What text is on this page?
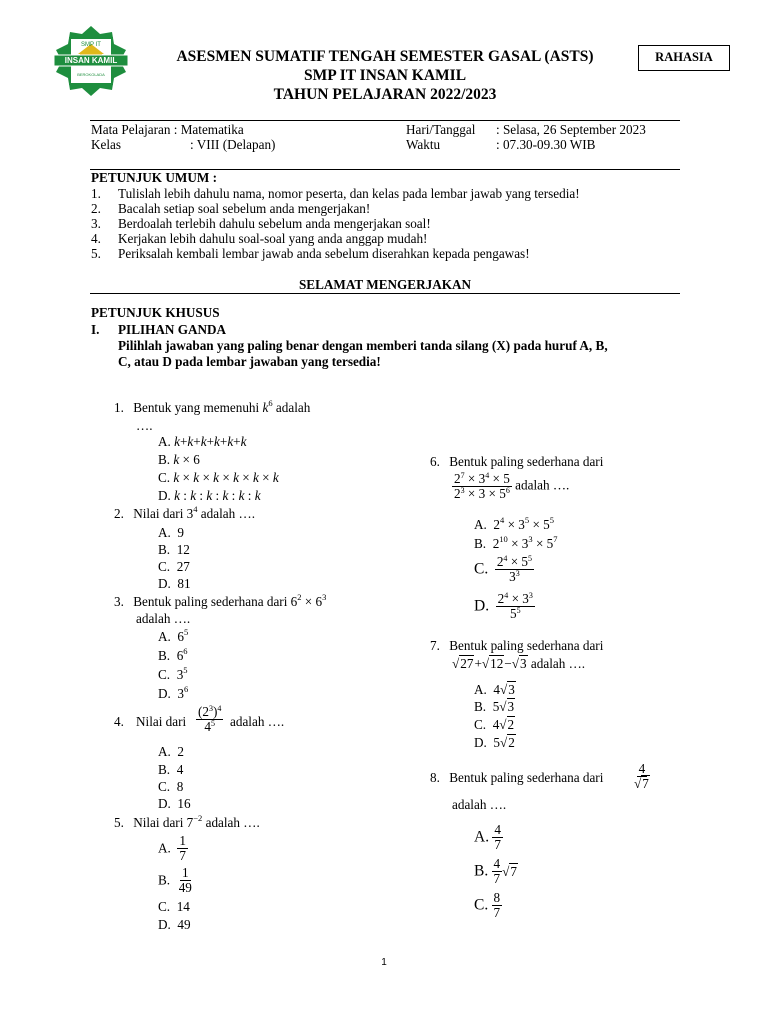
SMP IT
INSAN KAMIL
BEROKOLADA
ASESMEN SUMATIF TENGAH SEMESTER GASAL (ASTS)
SMP IT INSAN KAMIL
TAHUN PELAJARAN 2022/2023
RAHASIA
Mata Pelajaran : Matematika
Kelas	: VIII (Delapan)
Hari/Tanggal : Selasa, 26 September 2023
Waktu	: 07.30-09.30 WIB
PETUNJUK UMUM :
1. Tulislah lebih dahulu nama, nomor peserta, dan kelas pada lembar jawab yang tersedia!
2. Bacalah setiap soal sebelum anda mengerjakan!
3. Berdoalah terlebih dahulu sebelum anda mengerjakan soal!
4. Kerjakan lebih dahulu soal-soal yang anda anggap mudah!
5. Periksalah kembali lembar jawab anda sebelum diserahkan kepada pengawas!
SELAMAT MENGERJAKAN
PETUNJUK KHUSUS
I. PILIHAN GANDA
Pilihlah jawaban yang paling benar dengan memberi tanda silang (X) pada huruf A, B,
C, atau D pada lembar jawaban yang tersedia!
1. Bentuk yang memenuhi $k^6$ adalah
….
A. k+k+k+k+k+k
B. k × 6
C. k × k × k × k × k × k
D. k : k : k : k : k : k
2. Nilai dari $3^4$ adalah ….
A. 9
B. 12
C. 27
D. 81
3. Bentuk paling sederhana dari $6^2 \times 6^3$
adalah ….
A.  $6^5$
B.  $6^6$
C.  $3^5$
D.  $3^6$
4. Nilai dari $\frac{(2^3)^4}{4^5}$ adalah ….
A. 2
B. 4
C. 8
D. 16
5. Nilai dari $7^{-2}$ adalah ….
A. $\frac{1}{7}$
B. $\frac{1}{49}$
C. 14
D. 49
6. Bentuk paling sederhana dari
$\frac{2^7 \times 3^4 \times 5}{2^3 \times 3 \times 5^6}$ adalah ….
A.  $2^4 \times 3^5 \times 5^5$
B.  $2^{10} \times 3^3 \times 5^7$
C. $\frac{2^4 \times 5^5}{3^3}$
D. $\frac{2^4 \times 3^3}{5^5}$
7. Bentuk paling sederhana dari
√27+√12−√3 adalah ….
A.  4√3
B.  5√3
C.  4√2
D.  5√2
8. Bentuk paling sederhana dari $\frac{4}{√7}$
adalah ….
A. $\frac{4}{7}$
B. $\frac{4}{7} √7$
C. $\frac{8}{7}$
1
